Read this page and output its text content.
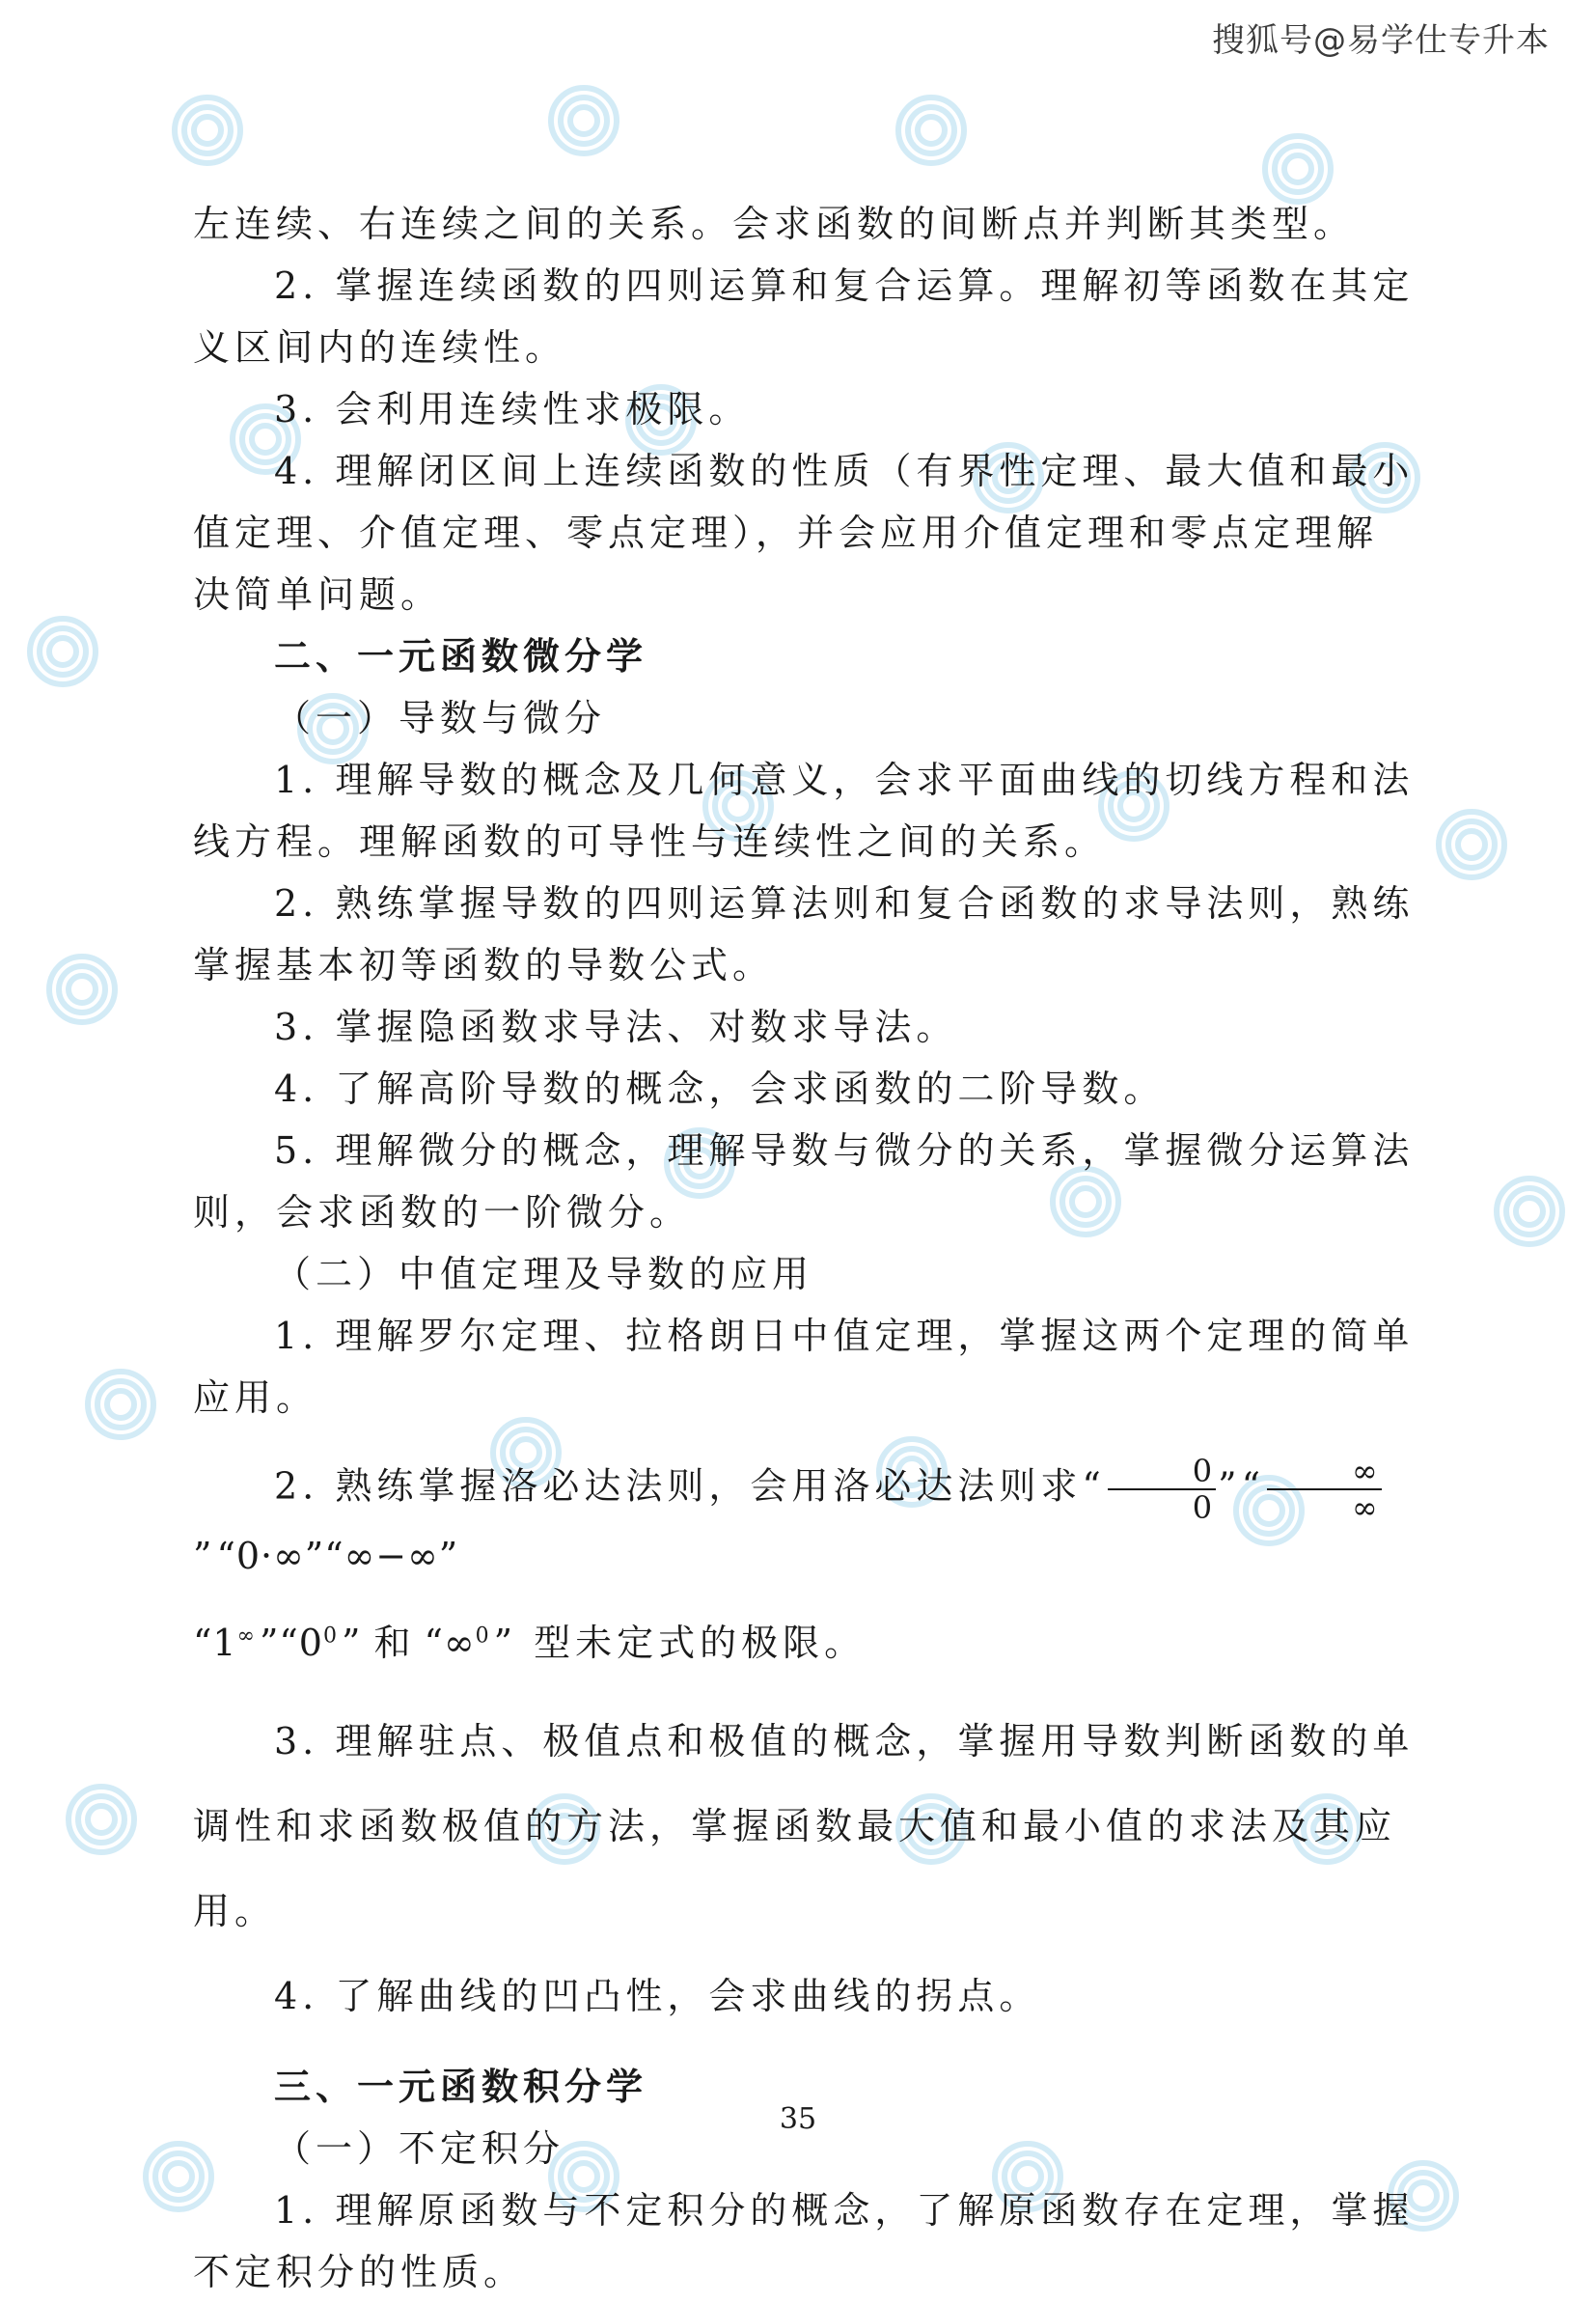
搜狐号@易学仕专升本

左连续、右连续之间的关系。会求函数的间断点并判断其类型。

2. 掌握连续函数的四则运算和复合运算。理解初等函数在其定义区间内的连续性。

3. 会利用连续性求极限。

4. 理解闭区间上连续函数的性质（有界性定理、最大值和最小值定理、介值定理、零点定理），并会应用介值定理和零点定理解决简单问题。

二、一元函数微分学

（一）导数与微分

1. 理解导数的概念及几何意义，会求平面曲线的切线方程和法线方程。理解函数的可导性与连续性之间的关系。

2. 熟练掌握导数的四则运算法则和复合函数的求导法则，熟练掌握基本初等函数的导数公式。

3. 掌握隐函数求导法、对数求导法。

4. 了解高阶导数的概念，会求函数的二阶导数。

5. 理解微分的概念，理解导数与微分的关系，掌握微分运算法则，会求函数的一阶微分。

（二）中值定理及导数的应用

1. 理解罗尔定理、拉格朗日中值定理，掌握这两个定理的简单应用。

2. 熟练掌握洛必达法则，会用洛必达法则求“ $\frac{0}{0}$ ”“ $\frac{\infty}{\infty}$
”“0·∞”“∞−∞”

“$1^\infty”“0^0$” 和 “∞$^0$” 型未定式的极限。

3. 理解驻点、极值点和极值的概念，掌握用导数判断函数的单调性和求函数极值的方法，掌握函数最大值和最小值的求法及其应用。

4. 了解曲线的凹凸性，会求曲线的拐点。

三、一元函数积分学

（一）不定积分

1. 理解原函数与不定积分的概念，了解原函数存在定理，掌握不定积分的性质。

35
